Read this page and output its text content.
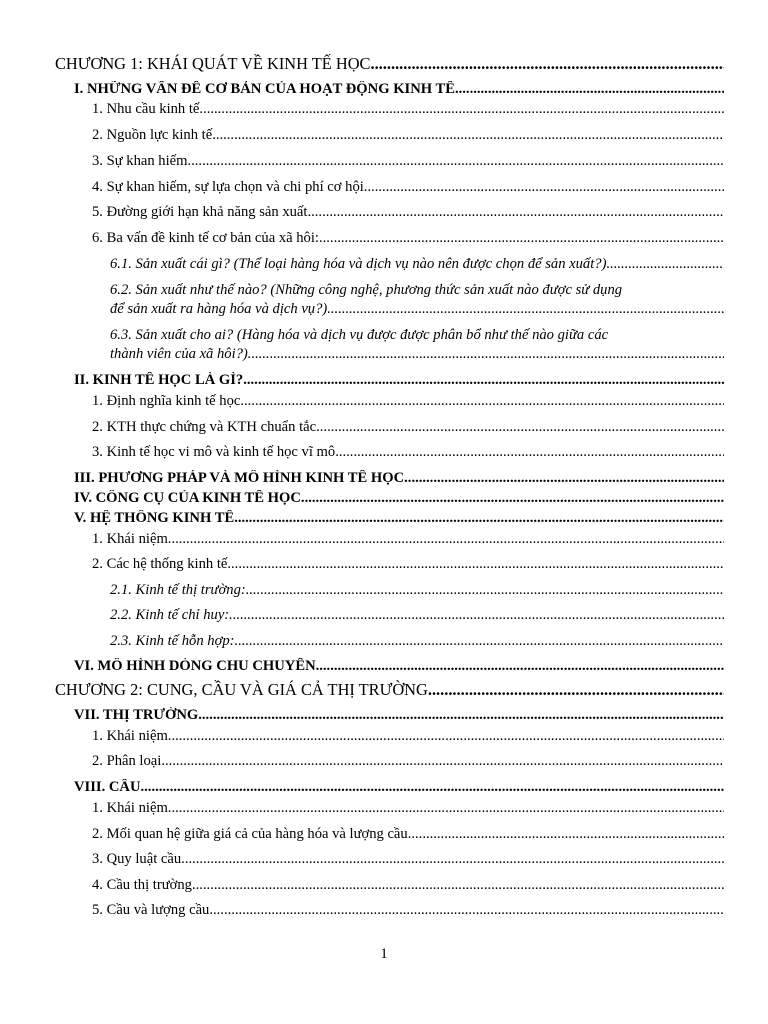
CHƯƠNG 1: KHÁI QUÁT VỀ KINH TẾ HỌC
.....
I. NHỮNG VẤN ĐỀ CƠ BẢN CỦA HOẠT ĐỘNG KINH TẾ
.....
1. Nhu cầu kinh tế
.....
2. Nguồn lực kinh tế
.....
3. Sự khan hiếm
.....
4. Sự khan hiếm, sự lựa chọn và chi phí cơ hội
.....
5. Đường giới hạn khả năng sản xuất
.....
6. Ba vấn đề kinh tế cơ bản của xã hôi:
.....
6.1. Sản xuất cái gì? (Thể loại hàng hóa và dịch vụ nào nên được chọn để sản xuất?)
.....
6.2. Sản xuất như thế nào? (Những công nghệ, phương thức sản xuất nào được sử dụng
để sản xuất ra hàng hóa và dịch vụ?)
.....
6.3. Sản xuất cho ai? (Hàng hóa và dịch vụ được được phân bổ như thế nào giữa các
thành viên của xã hôi?)
.....
II. KINH TẾ HỌC LÀ GÌ?
.....
1. Định nghĩa kinh tế học
.....
2. KTH thực chứng và KTH chuẩn tắc
.....
3. Kinh tế học vi mô và kinh tế học vĩ mô
.....
III. PHƯƠNG PHÁP VÀ MÔ HÌNH KINH TẾ HỌC
.....
IV. CÔNG CỤ CỦA KINH TẾ HỌC
.....
V. HỆ THỐNG KINH TẾ
.....
1. Khái niệm
.....
2. Các hệ thống kinh tế
.....
2.1. Kinh tế thị trường:
.....
2.2. Kinh tế chỉ huy:
.....
2.3. Kinh tế hỗn hợp:
.....
VI. MÔ HÌNH DÒNG CHU CHUYỂN
.....
CHƯƠNG 2: CUNG, CẦU VÀ GIÁ CẢ THỊ TRƯỜNG
.....
VII. THỊ TRƯỜNG
.....
1. Khái niệm
.....
2. Phân loại
.....
VIII. CẦU
.....
1. Khái niệm
.....
2. Mối quan hệ giữa giá cả của hàng hóa và lượng cầu
.....
3. Quy luật cầu
.....
4. Cầu thị trường
.....
5. Cầu và lượng cầu
.....
1
